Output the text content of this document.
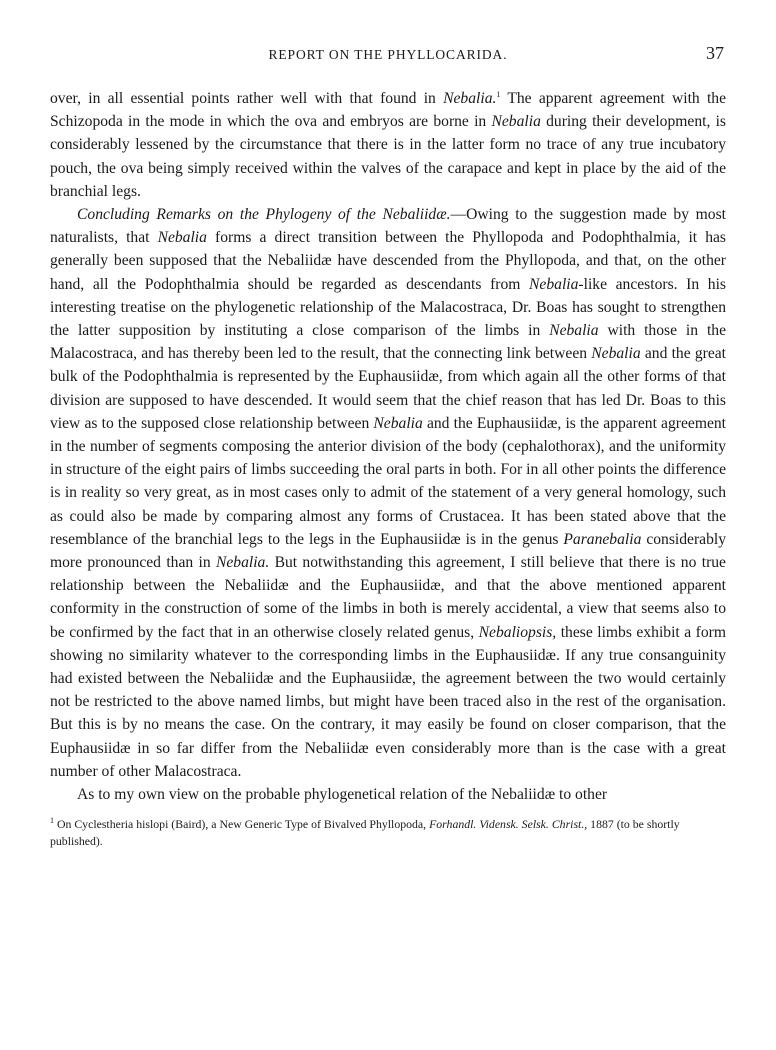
REPORT ON THE PHYLLOCARIDA.	37

over, in all essential points rather well with that found in Nebalia.$^1$ The apparent agreement with the Schizopoda in the mode in which the ova and embryos are borne in Nebalia during their development, is considerably lessened by the circumstance that there is in the latter form no trace of any true incubatory pouch, the ova being simply received within the valves of the carapace and kept in place by the aid of the branchial legs.

Concluding Remarks on the Phylogeny of the Nebaliidæ.—Owing to the suggestion made by most naturalists, that Nebalia forms a direct transition between the Phyllopoda and Podophthalmia, it has generally been supposed that the Nebaliidæ have descended from the Phyllopoda, and that, on the other hand, all the Podophthalmia should be regarded as descendants from Nebalia-like ancestors. In his interesting treatise on the phylogenetic relationship of the Malacostraca, Dr. Boas has sought to strengthen the latter supposition by instituting a close comparison of the limbs in Nebalia with those in the Malacostraca, and has thereby been led to the result, that the connecting link between Nebalia and the great bulk of the Podophthalmia is represented by the Euphausiidæ, from which again all the other forms of that division are supposed to have descended. It would seem that the chief reason that has led Dr. Boas to this view as to the supposed close relationship between Nebalia and the Euphausiidæ, is the apparent agreement in the number of segments composing the anterior division of the body (cephalothorax), and the uniformity in structure of the eight pairs of limbs succeeding the oral parts in both. For in all other points the difference is in reality so very great, as in most cases only to admit of the statement of a very general homology, such as could also be made by comparing almost any forms of Crustacea. It has been stated above that the resemblance of the branchial legs to the legs in the Euphausiidæ is in the genus Paranebalia considerably more pronounced than in Nebalia. But notwithstanding this agreement, I still believe that there is no true relationship between the Nebaliidæ and the Euphausiidæ, and that the above mentioned apparent conformity in the construction of some of the limbs in both is merely accidental, a view that seems also to be confirmed by the fact that in an otherwise closely related genus, Nebaliopsis, these limbs exhibit a form showing no similarity whatever to the corresponding limbs in the Euphausiidæ. If any true consanguinity had existed between the Nebaliidæ and the Euphausiidæ, the agreement between the two would certainly not be restricted to the above named limbs, but might have been traced also in the rest of the organisation. But this is by no means the case. On the contrary, it may easily be found on closer comparison, that the Euphausiidæ in so far differ from the Nebaliidæ even considerably more than is the case with a great number of other Malacostraca.

As to my own view on the probable phylogenetical relation of the Nebaliidæ to other

$^1$ On Cyclestheria hislopi (Baird), a New Generic Type of Bivalved Phyllopoda, Forhandl. Vidensk. Selsk. Christ., 1887 (to be shortly published).
